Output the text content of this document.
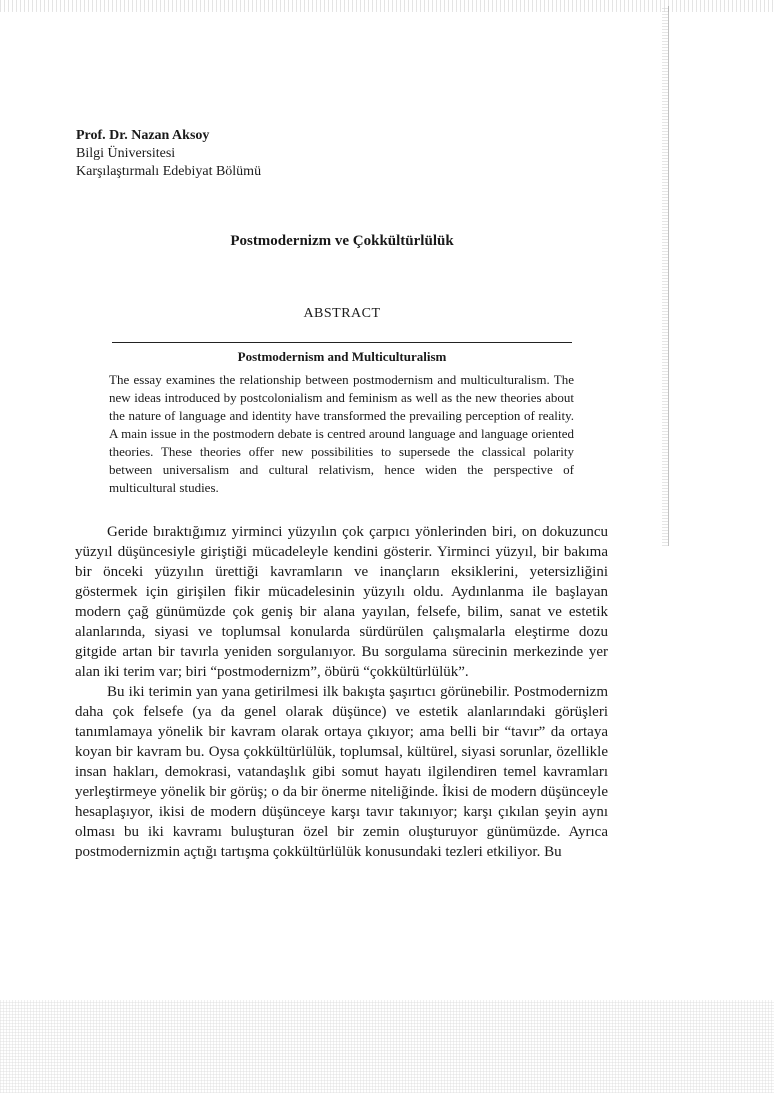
Prof. Dr. Nazan Aksoy
Bilgi Üniversitesi
Karşılaştırmalı Edebiyat Bölümü
Postmodernizm ve Çokkültürlülük
ABSTRACT
Postmodernism and Multiculturalism
The essay examines the relationship between postmodernism and multiculturalism. The new ideas introduced by postcolonialism and feminism as well as the new theories about the nature of language and identity have transformed the prevailing perception of reality. A main issue in the postmodern debate is centred around language and language oriented theories. These theories offer new possibilities to supersede the classical polarity between universalism and cultural relativism, hence widen the perspective of multicultural studies.

Geride bıraktığımız yirminci yüzyılın çok çarpıcı yönlerinden biri, on dokuzuncu yüzyıl düşüncesiyle giriştiği mücadeleyle kendini gösterir. Yirminci yüzyıl, bir bakıma bir önceki yüzyılın ürettiği kavramların ve inançların eksiklerini, yetersizliğini göstermek için girişilen fikir mücadelesinin yüzyılı oldu. Aydınlanma ile başlayan modern çağ günümüzde çok geniş bir alana yayılan, felsefe, bilim, sanat ve estetik alanlarında, siyasi ve toplumsal konularda sürdürülen çalışmalarla eleştirme dozu gitgide artan bir tavırla yeniden sorgulanıyor. Bu sorgulama sürecinin merkezinde yer alan iki terim var; biri “postmodernizm”, öbürü “çokkültürlülük”.

Bu iki terimin yan yana getirilmesi ilk bakışta şaşırtıcı görünebilir. Postmodernizm daha çok felsefe (ya da genel olarak düşünce) ve estetik alanlarındaki görüşleri tanımlamaya yönelik bir kavram olarak ortaya çıkıyor; ama belli bir “tavır” da ortaya koyan bir kavram bu. Oysa çokkültürlülük, toplumsal, kültürel, siyasi sorunlar, özellikle insan hakları, demokrasi, vatandaşlık gibi somut hayatı ilgilendiren temel kavramları yerleştirmeye yönelik bir görüş; o da bir önerme niteliğinde. İkisi de modern düşünceyle hesaplaşıyor, ikisi de modern düşünceye karşı tavır takınıyor; karşı çıkılan şeyin aynı olması bu iki kavramı buluşturan özel bir zemin oluşturuyor günümüzde. Ayrıca postmodernizmin açtığı tartışma çokkültürlülük konusundaki tezleri etkiliyor. Bu
